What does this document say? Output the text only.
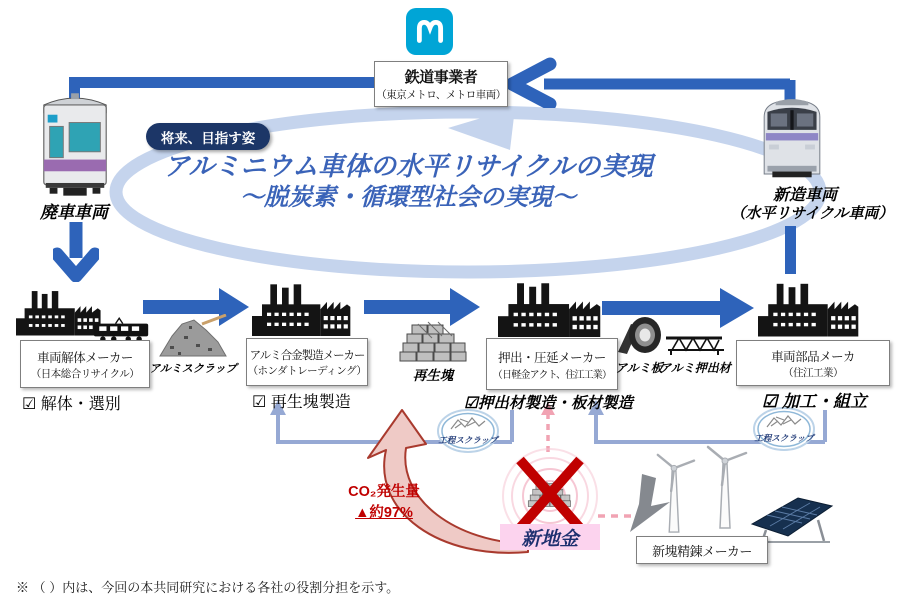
鉄道事業者
（東京メトロ、メトロ車両）
廃車車両
新造車両
（水平リサイクル車両）
将来、目指す姿
アルミニウム車体の水平リサイクルの実現
～脱炭素・循環型社会の実現～
車両解体メーカー
（日本総合リサイクル）
☑ 解体・選別
アルミ合金製造メーカー
（ホンダトレーディング）
☑ 再生塊製造
押出・圧延メーカー
（日軽金アクト、住江工業）
☑押出材製造・板材製造
車両部品メーカ
（住江工業）
☑ 加工・組立
アルミスクラップ	再生塊	アルミ板
アルミ押出材
工程スクラップ	工程スクラップ
新地金
CO₂発生量
▲約97%
新塊精錬メーカー
※ （ ）内は、今回の本共同研究における各社の役割分担を示す。
